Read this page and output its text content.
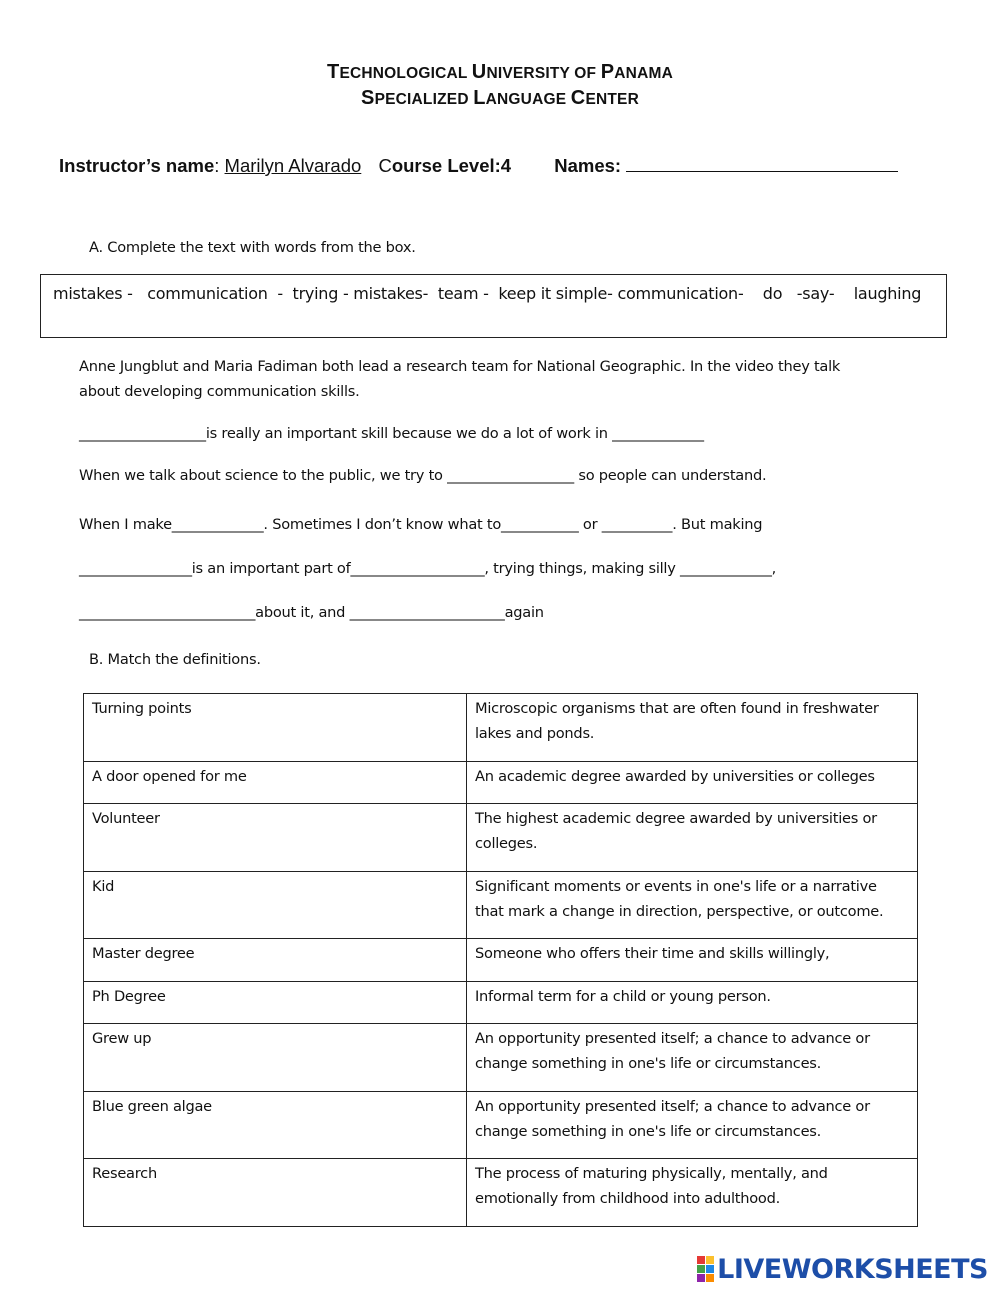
TECHNOLOGICAL UNIVERSITY OF PANAMA
SPECIALIZED LANGUAGE CENTER
Instructor’s name: Marilyn Alvarado Course Level:4 Names:
A. Complete the text with words from the box.
mistakes -   communication  -  trying - mistakes-  team -  keep it simple- communication-    do   -say-    laughing
Anne Jungblut and Maria Fadiman both lead a research team for National Geographic. In the video they talk
about developing communication skills.
__________________is really an important skill because we do a lot of work in _____________
When we talk about science to the public, we try to __________________ so people can understand.
When I make_____________. Sometimes I don’t know what to___________ or __________. But making
________________is an important part of___________________, trying things, making silly _____________,
_________________________about it, and ______________________again
B. Match the definitions.
Turning points	Microscopic organisms that are often found in freshwater lakes and ponds.
A door opened for me	An academic degree awarded by universities or colleges
Volunteer	The highest academic degree awarded by universities or colleges.
Kid	Significant moments or events in one's life or a narrative that mark a change in direction, perspective, or outcome.
Master degree	Someone who offers their time and skills willingly,
Ph Degree	Informal term for a child or young person.
Grew up	An opportunity presented itself; a chance to advance or change something in one's life or circumstances.
Blue green algae	An opportunity presented itself; a chance to advance or change something in one's life or circumstances.
Research	The process of maturing physically, mentally, and emotionally from childhood into adulthood.
LIVEWORKSHEETS
